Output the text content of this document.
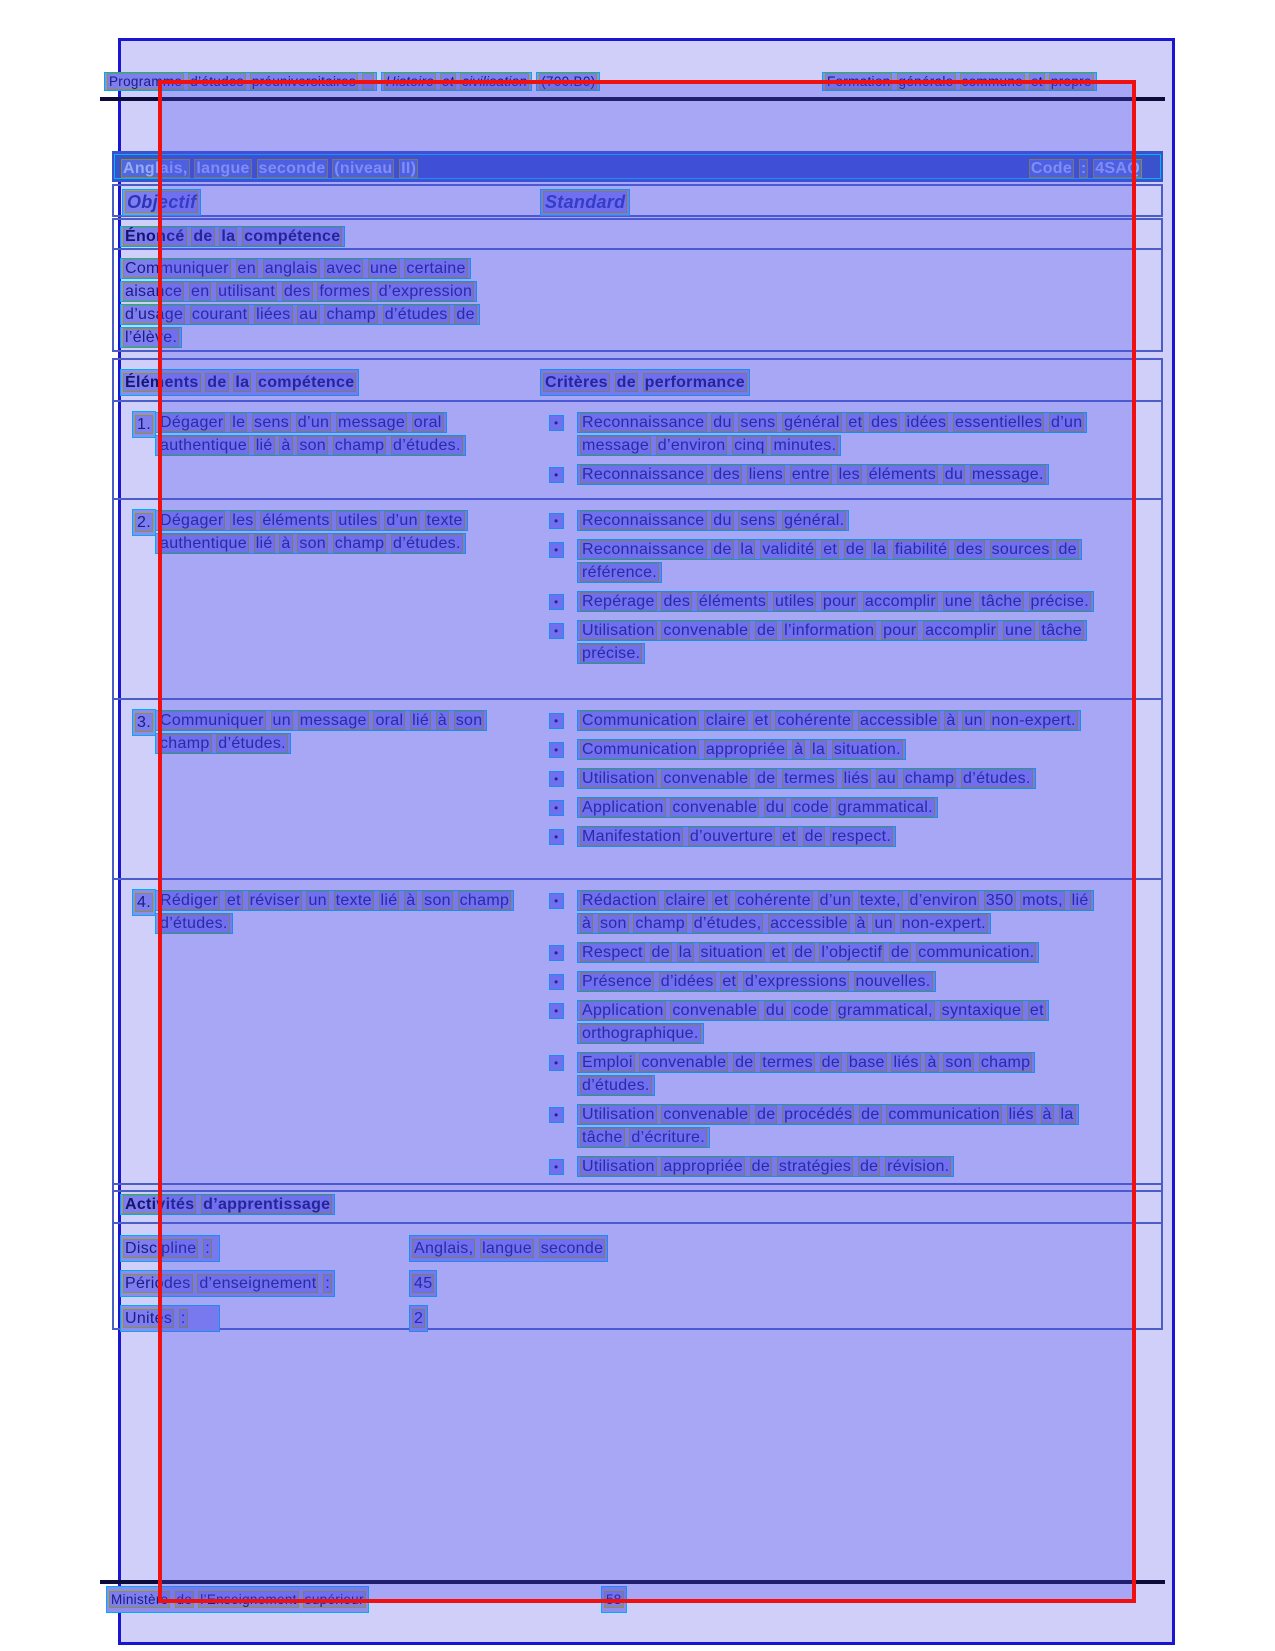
Programme d’études préuniversitaires – Histoire et civilisation (700.B0)	Formation générale commune et propre
Anglais, langue seconde (niveau II)	Code : 4SAQ
Objectif	Standard
Énoncé de la compétence
Communiquer en anglais avec une certaine aisance en utilisant des formes d’expression d’usage courant liées au champ d’études de l’élève.
Éléments de la compétence	Critères de performance
1. Dégager le sens d’un message oral authentique lié à son champ d’études.
•	Reconnaissance du sens général et des idées essentielles d’un message d’environ cinq minutes.
•	Reconnaissance des liens entre les éléments du message.
2. Dégager les éléments utiles d’un texte authentique lié à son champ d’études.
•	Reconnaissance du sens général.
•	Reconnaissance de la validité et de la fiabilité des sources de référence.
•	Repérage des éléments utiles pour accomplir une tâche précise.
•	Utilisation convenable de l’information pour accomplir une tâche précise.
3. Communiquer un message oral lié à son champ d’études.
•	Communication claire et cohérente accessible à un non-expert.
•	Communication appropriée à la situation.
•	Utilisation convenable de termes liés au champ d’études.
•	Application convenable du code grammatical.
•	Manifestation d’ouverture et de respect.
4. Rédiger et réviser un texte lié à son champ d’études.
•	Rédaction claire et cohérente d’un texte, d’environ 350 mots, lié à son champ d’études, accessible à un non-expert.
•	Respect de la situation et de l’objectif de communication.
•	Présence d’idées et d’expressions nouvelles.
•	Application convenable du code grammatical, syntaxique et orthographique.
•	Emploi convenable de termes de base liés à son champ d’études.
•	Utilisation convenable de procédés de communication liés à la tâche d’écriture.
•	Utilisation appropriée de stratégies de révision.
Activités d’apprentissage
Discipline :	Anglais, langue seconde
Périodes d’enseignement :	45
Unités :	2
Ministère de l’Enseignement supérieur	58
